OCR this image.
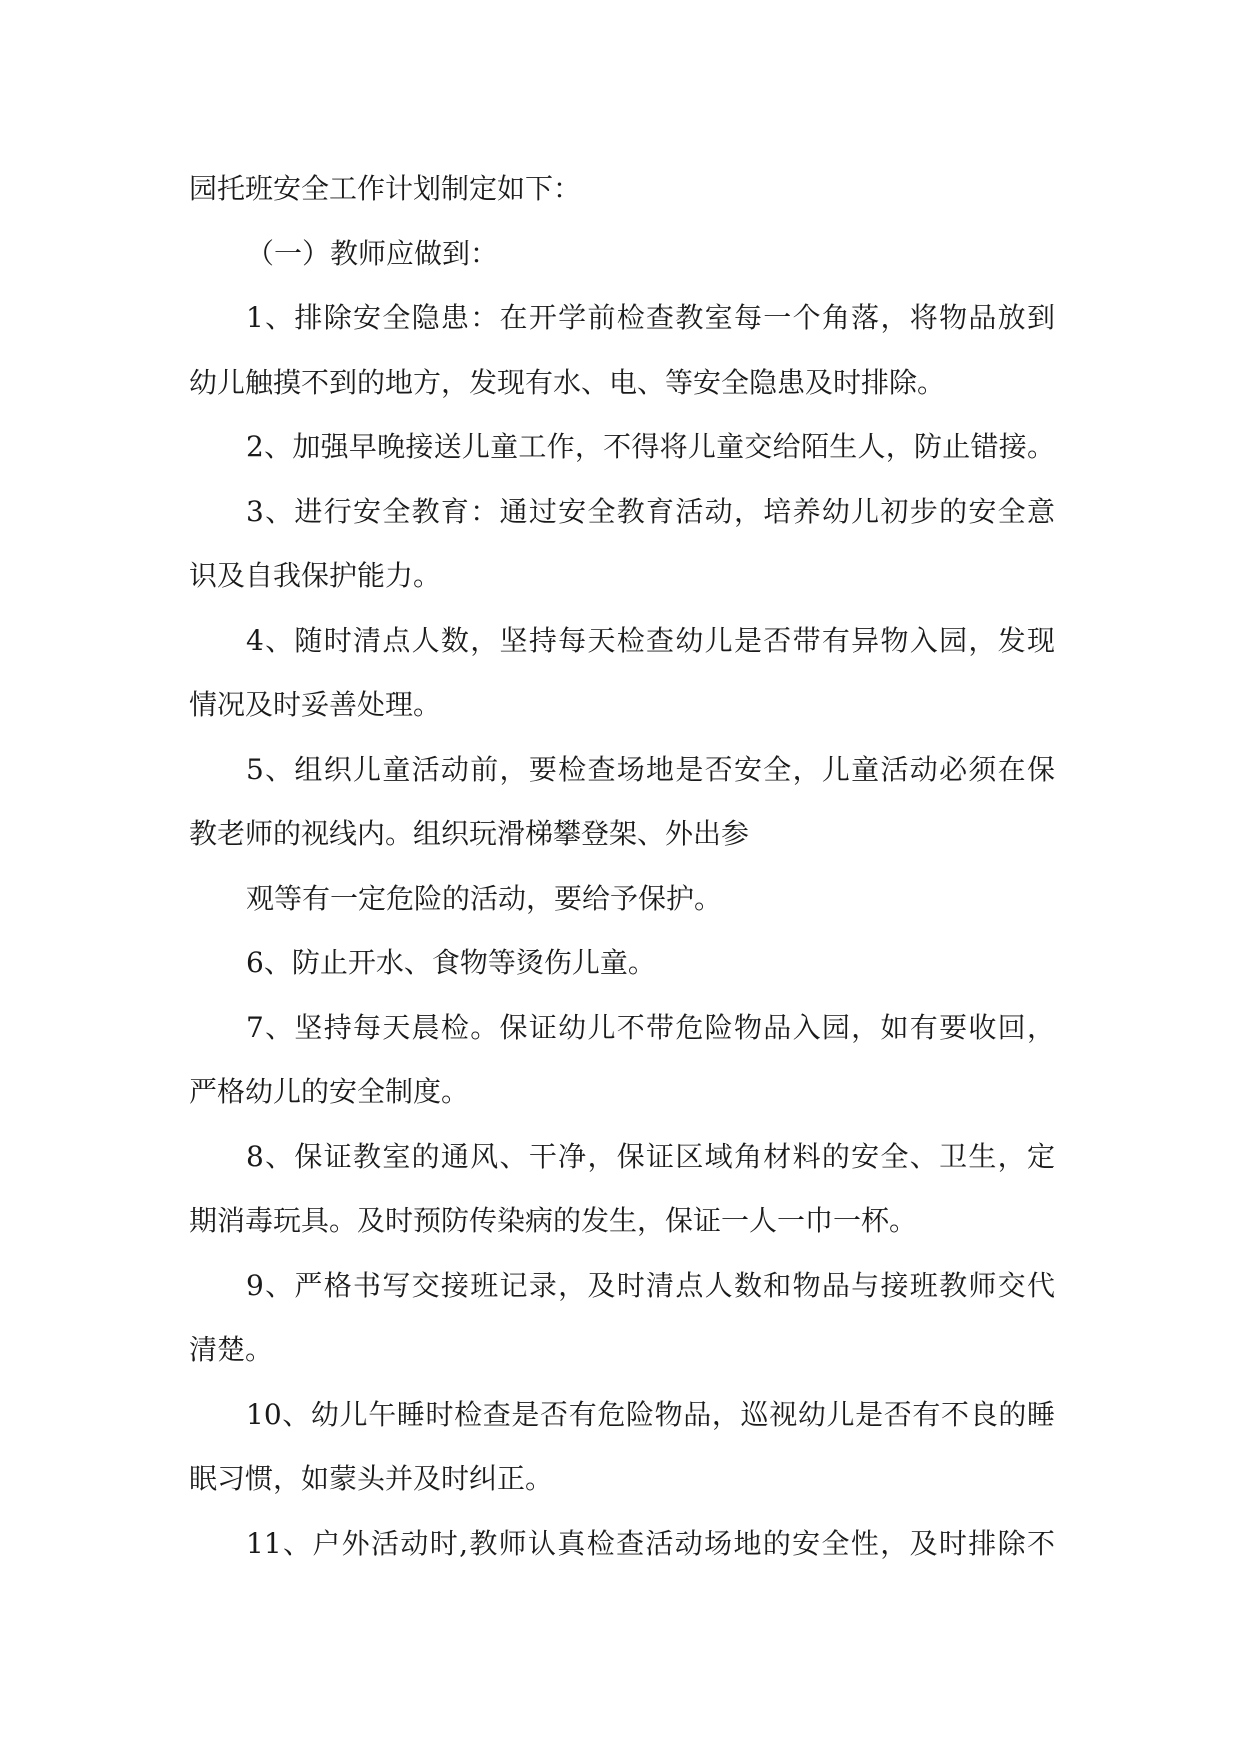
园托班安全工作计划制定如下：
（一）教师应做到：
1、排除安全隐患：在开学前检查教室每一个角落，将物品放到
幼儿触摸不到的地方，发现有水、电、等安全隐患及时排除。
2、加强早晚接送儿童工作，不得将儿童交给陌生人，防止错接。
3、进行安全教育：通过安全教育活动，培养幼儿初步的安全意
识及自我保护能力。
4、随时清点人数，坚持每天检查幼儿是否带有异物入园，发现
情况及时妥善处理。
5、组织儿童活动前，要检查场地是否安全，儿童活动必须在保
教老师的视线内。组织玩滑梯攀登架、外出参
观等有一定危险的活动，要给予保护。
6、防止开水、食物等烫伤儿童。
7、坚持每天晨检。保证幼儿不带危险物品入园，如有要收回，
严格幼儿的安全制度。
8、保证教室的通风、干净，保证区域角材料的安全、卫生，定
期消毒玩具。及时预防传染病的发生，保证一人一巾一杯。
9、严格书写交接班记录，及时清点人数和物品与接班教师交代
清楚。
10、幼儿午睡时检查是否有危险物品，巡视幼儿是否有不良的睡
眠习惯，如蒙头并及时纠正。
11、户外活动时,教师认真检查活动场地的安全性，及时排除不
